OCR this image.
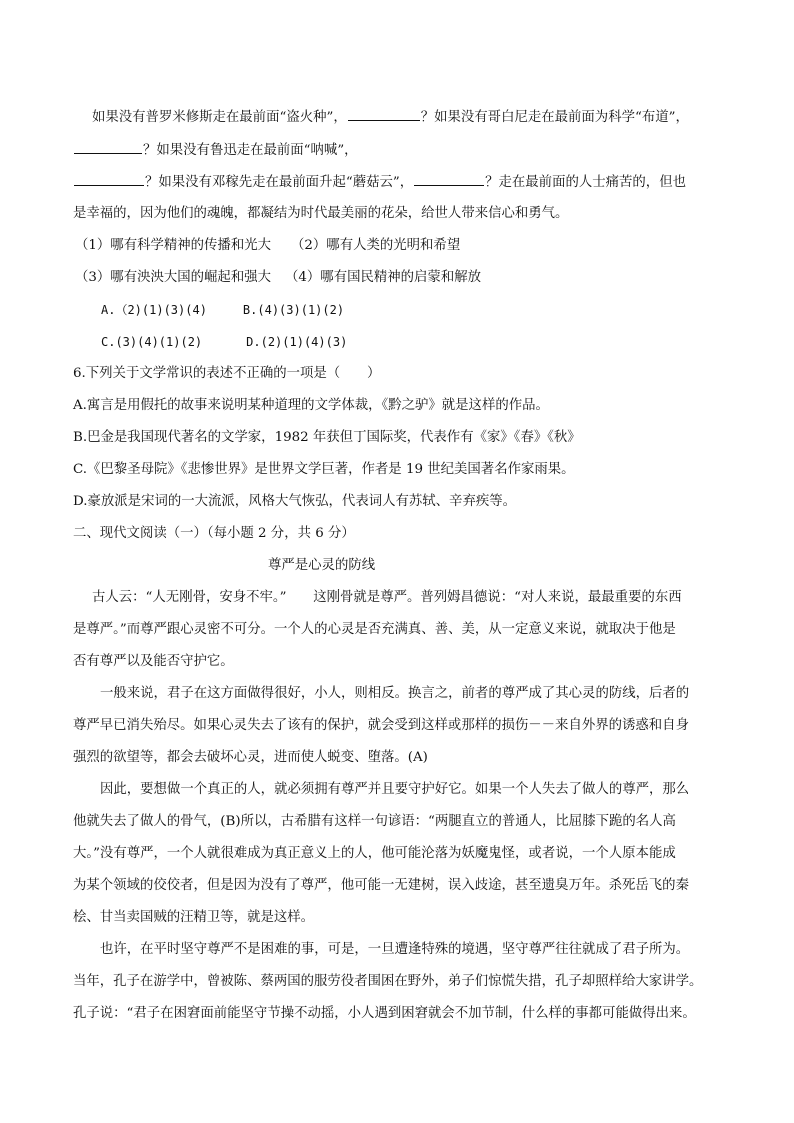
如果没有普罗米修斯走在最前面“盗火种”，	？如果没有哥白尼走在最前面为科学“布道”，
？如果没有鲁迅走在最前面“呐喊”，
？如果没有邓稼先走在最前面升起“蘑菇云”，	？走在最前面的人士痛苦的，但也
是幸福的，因为他们的魂魄，都凝结为时代最美丽的花朵，给世人带来信心和勇气。
（1）哪有科学精神的传播和光大 （2）哪有人类的光明和希望
（3）哪有泱泱大国的崛起和强大 （4）哪有国民精神的启蒙和解放
A.（2)(1)(3)(4)	B.(4)(3)(1)(2)
C.(3)(4)(1)(2)	D.(2)(1)(4)(3)
6.下列关于文学常识的表述不正确的一项是（　　）
A.寓言是用假托的故事来说明某种道理的文学体裁，《黔之驴》就是这样的作品。
B.巴金是我国现代著名的文学家，1982 年获但丁国际奖，代表作有《家》《春》《秋》
C.《巴黎圣母院》《悲惨世界》是世界文学巨著，作者是 19 世纪美国著名作家雨果。
D.豪放派是宋词的一大流派，风格大气恢弘，代表词人有苏轼、辛弃疾等。
二、现代文阅读（一）（每小题 2 分，共 6 分）
尊严是心灵的防线
古人云：“人无刚骨，安身不牢。”　　这刚骨就是尊严。普列姆昌德说：“对人来说，最最重要的东西
是尊严。”而尊严跟心灵密不可分。一个人的心灵是否充满真、善、美，从一定意义来说，就取决于他是
否有尊严以及能否守护它。
一般来说，君子在这方面做得很好，小人，则相反。换言之，前者的尊严成了其心灵的防线，后者的
尊严早已消失殆尽。如果心灵失去了该有的保护，就会受到这样或那样的损伤－－来自外界的诱惑和自身
强烈的欲望等，都会去破坏心灵，进而使人蜕变、堕落。(A)
因此，要想做一个真正的人，就必须拥有尊严并且要守护好它。如果一个人失去了做人的尊严，那么
他就失去了做人的骨气，(B)所以，古希腊有这样一句谚语：“两腿直立的普通人，比屈膝下跪的名人高
大。”没有尊严，一个人就很难成为真正意义上的人，他可能沦落为妖魔鬼怪，或者说，一个人原本能成
为某个领域的佼佼者，但是因为没有了尊严，他可能一无建树，误入歧途，甚至遗臭万年。杀死岳飞的秦
桧、甘当卖国贼的汪精卫等，就是这样。
也许，在平时坚守尊严不是困难的事，可是，一旦遭逢特殊的境遇，坚守尊严往往就成了君子所为。
当年，孔子在游学中，曾被陈、蔡两国的服劳役者围困在野外，弟子们惊慌失措，孔子却照样给大家讲学。
孔子说：“君子在困窘面前能坚守节操不动摇，小人遇到困窘就会不加节制，什么样的事都可能做得出来。
